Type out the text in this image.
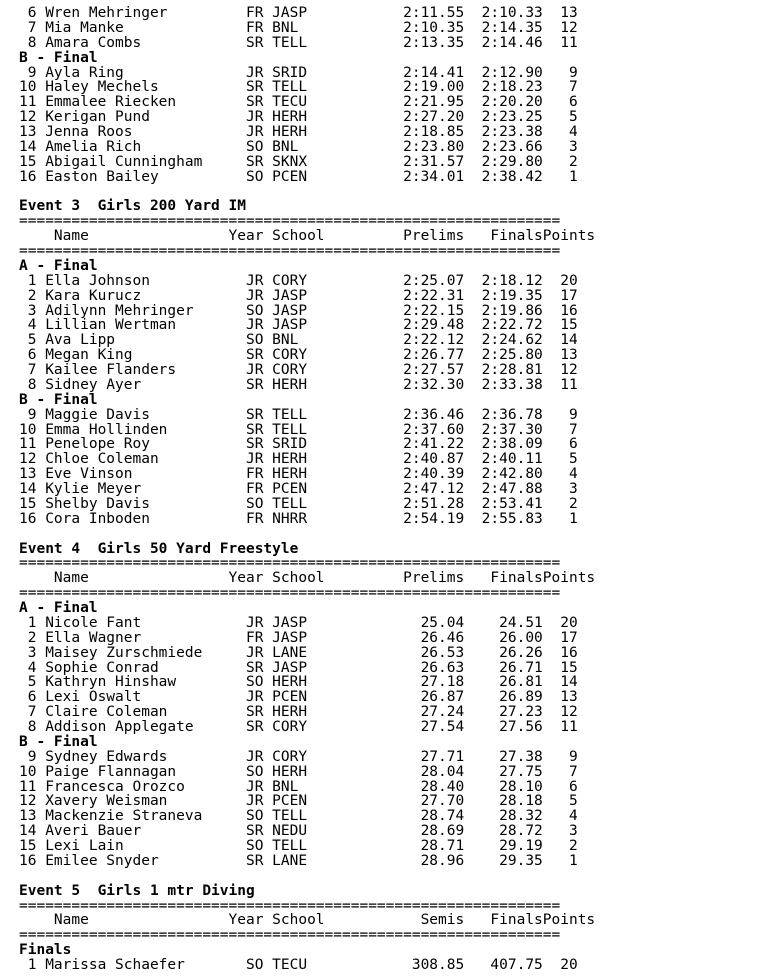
6 Wren Mehringer         FR JASP           2:11.55  2:10.33  13
7 Mia Manke              FR BNL            2:10.35  2:14.35  12
8 Amara Combs            SR TELL           2:13.35  2:14.46  11
B - Final
9 Ayla Ring              JR SRID           2:14.41  2:12.90   9
10 Haley Mechels          SR TELL           2:19.00  2:18.23   7
11 Emmalee Riecken        SR TECU           2:21.95  2:20.20   6
12 Kerigan Pund           JR HERH           2:27.20  2:23.25   5
13 Jenna Roos             JR HERH           2:18.85  2:23.38   4
14 Amelia Rich            SO BNL            2:23.80  2:23.66   3
15 Abigail Cunningham     SR SKNX           2:31.57  2:29.80   2
16 Easton Bailey          SO PCEN           2:34.01  2:38.42   1

Event 3  Girls 200 Yard IM
==============================================================
Name                Year School         Prelims   FinalsPoints
==============================================================
A - Final
1 Ella Johnson           JR CORY           2:25.07  2:18.12  20
2 Kara Kurucz            JR JASP           2:22.31  2:19.35  17
3 Adilynn Mehringer      SO JASP           2:22.15  2:19.86  16
4 Lillian Wertman        JR JASP           2:29.48  2:22.72  15
5 Ava Lipp               SO BNL            2:22.12  2:24.62  14
6 Megan King             SR CORY           2:26.77  2:25.80  13
7 Kailee Flanders        JR CORY           2:27.57  2:28.81  12
8 Sidney Ayer            SR HERH           2:32.30  2:33.38  11
B - Final
9 Maggie Davis           SR TELL           2:36.46  2:36.78   9
10 Emma Hollinden         SR TELL           2:37.60  2:37.30   7
11 Penelope Roy           SR SRID           2:41.22  2:38.09   6
12 Chloe Coleman          JR HERH           2:40.87  2:40.11   5
13 Eve Vinson             FR HERH           2:40.39  2:42.80   4
14 Kylie Meyer            FR PCEN           2:47.12  2:47.88   3
15 Shelby Davis           SO TELL           2:51.28  2:53.41   2
16 Cora Inboden           FR NHRR           2:54.19  2:55.83   1

Event 4  Girls 50 Yard Freestyle
==============================================================
Name                Year School         Prelims   FinalsPoints
==============================================================
A - Final
1 Nicole Fant            JR JASP             25.04    24.51  20
2 Ella Wagner            FR JASP             26.46    26.00  17
3 Maisey Zurschmiede     JR LANE             26.53    26.26  16
4 Sophie Conrad          SR JASP             26.63    26.71  15
5 Kathryn Hinshaw        SO HERH             27.18    26.81  14
6 Lexi Oswalt            JR PCEN             26.87    26.89  13
7 Claire Coleman         SR HERH             27.24    27.23  12
8 Addison Applegate      SR CORY             27.54    27.56  11
B - Final
9 Sydney Edwards         JR CORY             27.71    27.38   9
10 Paige Flannagan        SO HERH             28.04    27.75   7
11 Francesca Orozco       JR BNL              28.40    28.10   6
12 Xavery Weisman         JR PCEN             27.70    28.18   5
13 Mackenzie Straneva     SO TELL             28.74    28.32   4
14 Averi Bauer            SR NEDU             28.69    28.72   3
15 Lexi Lain              SO TELL             28.71    29.19   2
16 Emilee Snyder          SR LANE             28.96    29.35   1

Event 5  Girls 1 mtr Diving
==============================================================
Name                Year School           Semis   FinalsPoints
==============================================================
Finals
1 Marissa Schaefer       SO TECU            308.85   407.75  20
